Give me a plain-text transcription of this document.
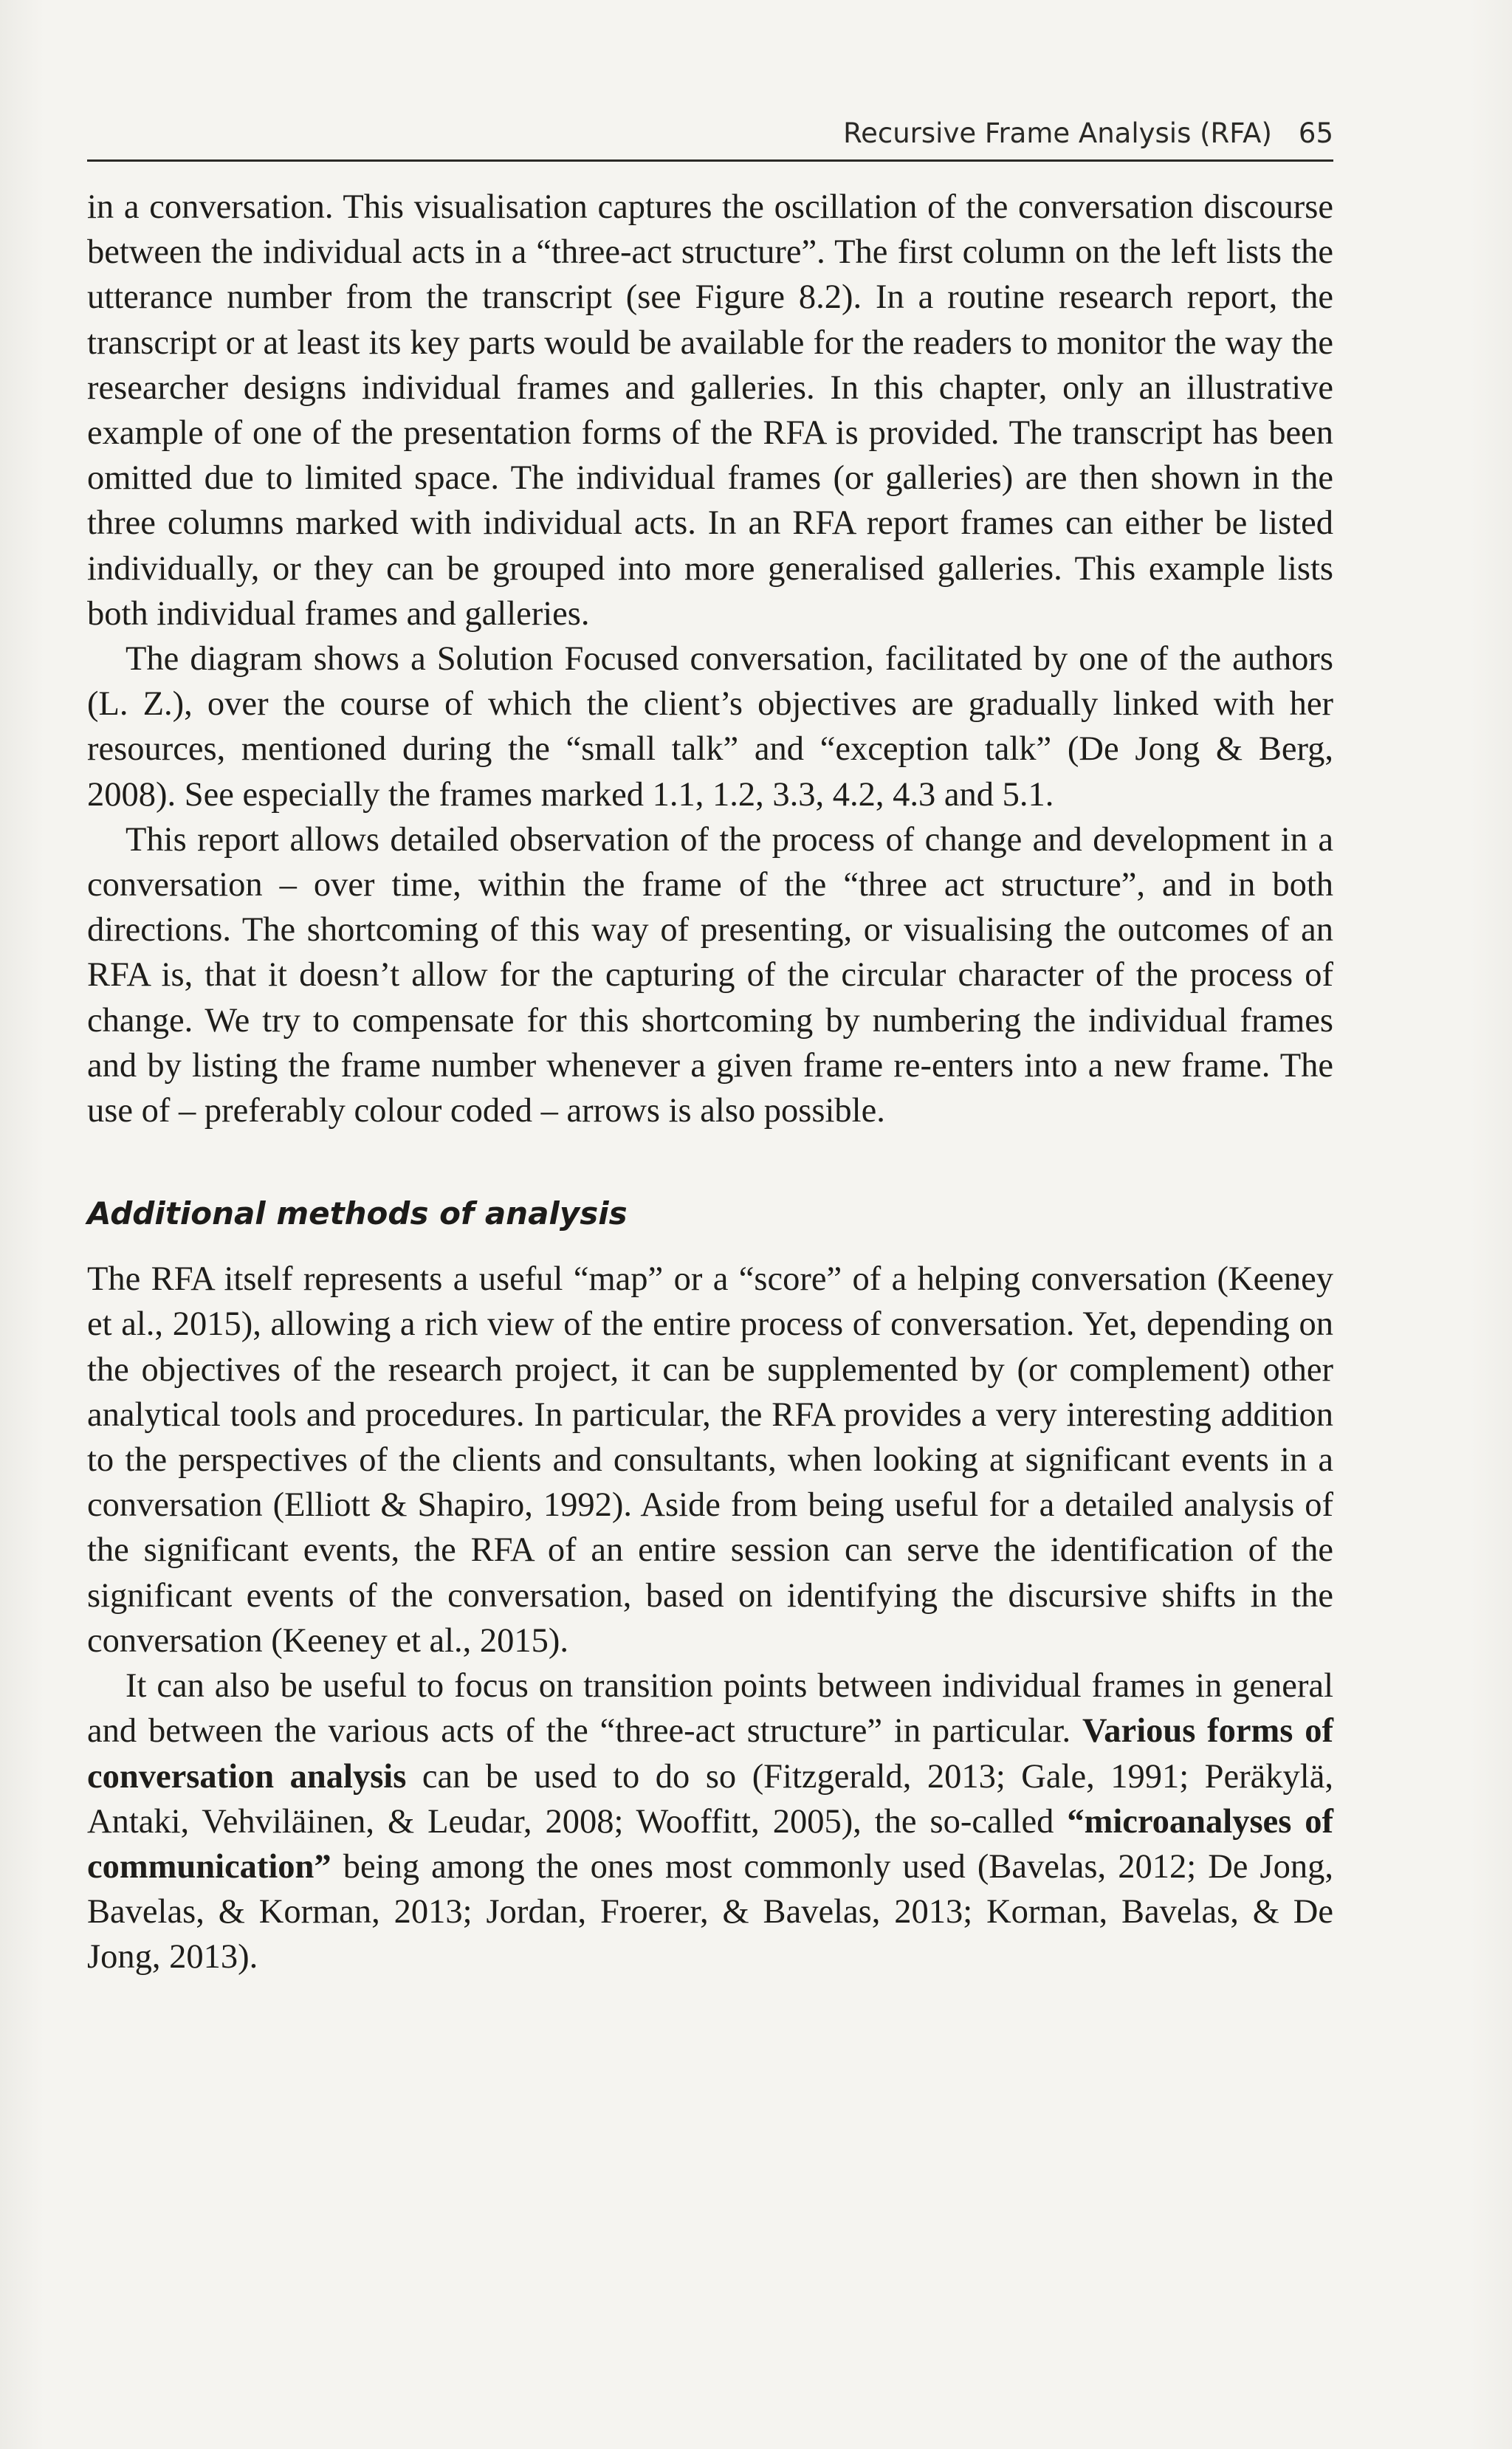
Recursive Frame Analysis (RFA) 65

in a conversation. This visualisation captures the oscillation of the conversation discourse between the individual acts in a “three-act structure”. The first column on the left lists the utterance number from the transcript (see Figure 8.2). In a routine research report, the transcript or at least its key parts would be available for the readers to monitor the way the researcher designs individual frames and galleries. In this chapter, only an illustrative example of one of the presentation forms of the RFA is provided. The transcript has been omitted due to limited space. The individual frames (or galleries) are then shown in the three columns marked with individual acts. In an RFA report frames can either be listed individually, or they can be grouped into more generalised galleries. This example lists both individual frames and galleries.

The diagram shows a Solution Focused conversation, facilitated by one of the authors (L. Z.), over the course of which the client’s objectives are gradually linked with her resources, mentioned during the “small talk” and “exception talk” (De Jong & Berg, 2008). See especially the frames marked 1.1, 1.2, 3.3, 4.2, 4.3 and 5.1.

This report allows detailed observation of the process of change and development in a conversation – over time, within the frame of the “three act structure”, and in both directions. The shortcoming of this way of presenting, or visualising the outcomes of an RFA is, that it doesn’t allow for the capturing of the circular character of the process of change. We try to compensate for this shortcoming by numbering the individual frames and by listing the frame number whenever a given frame re-enters into a new frame. The use of – preferably colour coded – arrows is also possible.

Additional methods of analysis

The RFA itself represents a useful “map” or a “score” of a helping conversation (Keeney et al., 2015), allowing a rich view of the entire process of conversation. Yet, depending on the objectives of the research project, it can be supplemented by (or complement) other analytical tools and procedures. In particular, the RFA provides a very interesting addition to the perspectives of the clients and consultants, when looking at significant events in a conversation (Elliott & Shapiro, 1992). Aside from being useful for a detailed analysis of the significant events, the RFA of an entire session can serve the identification of the significant events of the conversation, based on identifying the discursive shifts in the conversation (Keeney et al., 2015).

It can also be useful to focus on transition points between individual frames in general and between the various acts of the “three-act structure” in particular. Various forms of conversation analysis can be used to do so (Fitzgerald, 2013; Gale, 1991; Peräkylä, Antaki, Vehviläinen, & Leudar, 2008; Wooffitt, 2005), the so-called “microanalyses of communication” being among the ones most commonly used (Bavelas, 2012; De Jong, Bavelas, & Korman, 2013; Jordan, Froerer, & Bavelas, 2013; Korman, Bavelas, & De Jong, 2013).
